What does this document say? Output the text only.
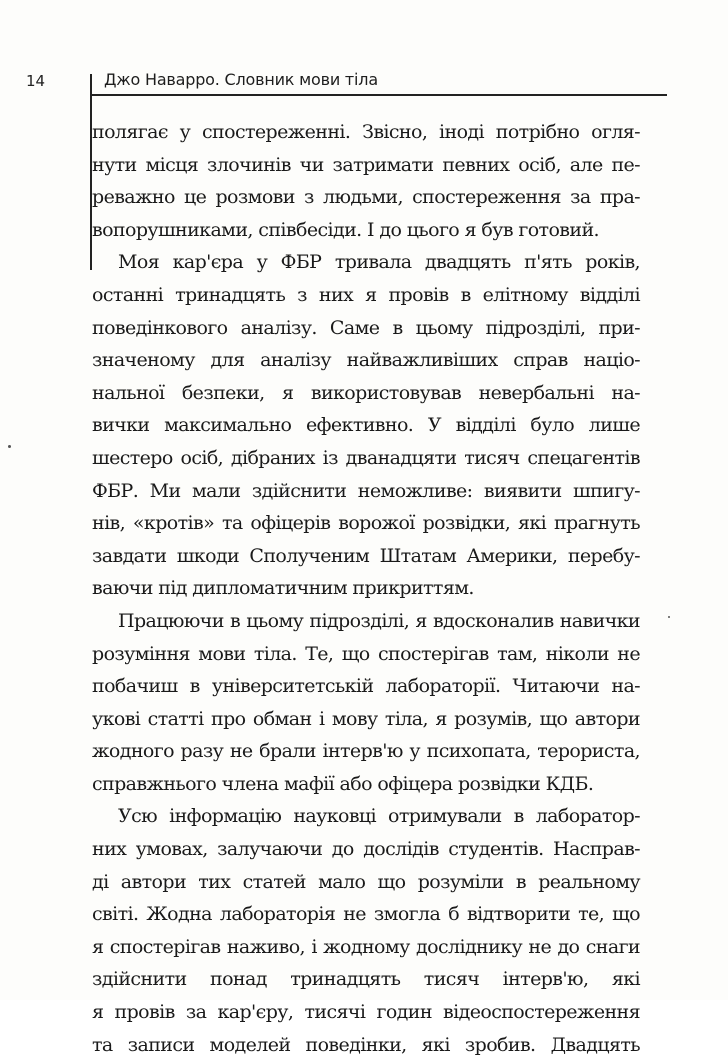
14	Джо Наварро. Словник мови тіла
полягає у спостереженні. Звісно, іноді потрібно огля-
нути місця злочинів чи затримати певних осіб, але пе-
реважно це розмови з людьми, спостереження за пра-
вопорушниками, співбесіди. І до цього я був готовий.
Моя кар'єра у ФБР тривала двадцять п'ять років,
останні тринадцять з них я провів в елітному відділі
поведінкового аналізу. Саме в цьому підрозділі, при-
значеному для аналізу найважливіших справ націо-
нальної безпеки, я використовував невербальні на-
вички максимально ефективно. У відділі було лише
шестеро осіб, дібраних із дванадцяти тисяч спецагентів
ФБР. Ми мали здійснити неможливе: виявити шпигу-
нів, «кротів» та офіцерів ворожої розвідки, які прагнуть
завдати шкоди Сполученим Штатам Америки, перебу-
ваючи під дипломатичним прикриттям.
Працюючи в цьому підрозділі, я вдосконалив навички
розуміння мови тіла. Те, що спостерігав там, ніколи не
побачиш в університетській лабораторії. Читаючи на-
укові статті про обман і мову тіла, я розумів, що автори
жодного разу не брали інтерв'ю у психопата, терориста,
справжнього члена мафії або офіцера розвідки КДБ.
Усю інформацію науковці отримували в лаборатор-
них умовах, залучаючи до дослідів студентів. Насправ-
ді автори тих статей мало що розуміли в реальному
світі. Жодна лабораторія не змогла б відтворити те, що
я спостерігав наживо, і жодному досліднику не до снаги
здійснити понад тринадцять тисяч інтерв'ю, які
я провів за кар'єру, тисячі годин відеоспостереження
та записи моделей поведінки, які зробив. Двадцять
